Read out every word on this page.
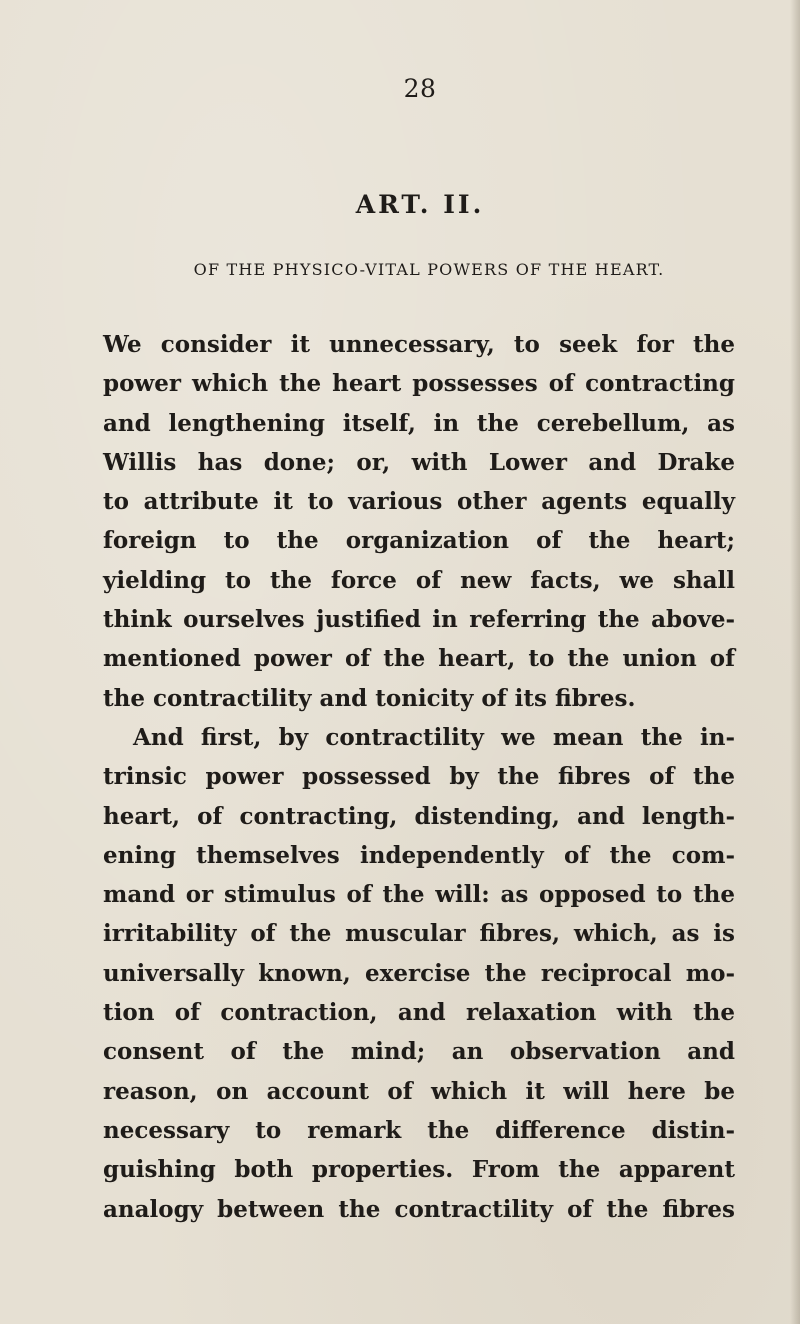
28
ART. II.
OF THE PHYSICO-VITAL POWERS OF THE HEART.
We consider it unnecessary, to seek for the
power which the heart possesses of contracting
and lengthening itself, in the cerebellum, as
Willis has done; or, with Lower and Drake
to attribute it to various other agents equally
foreign to the organization of the heart;
yielding to the force of new facts, we shall
think ourselves justified in referring the above-
mentioned power of the heart, to the union of
the contractility and tonicity of its fibres.
And first, by contractility we mean the in-
trinsic power possessed by the fibres of the
heart, of contracting, distending, and length-
ening themselves independently of the com-
mand or stimulus of the will: as opposed to the
irritability of the muscular fibres, which, as is
universally known, exercise the reciprocal mo-
tion of contraction, and relaxation with the
consent of the mind; an observation and
reason, on account of which it will here be
necessary to remark the difference distin-
guishing both properties. From the apparent
analogy between the contractility of the fibres
